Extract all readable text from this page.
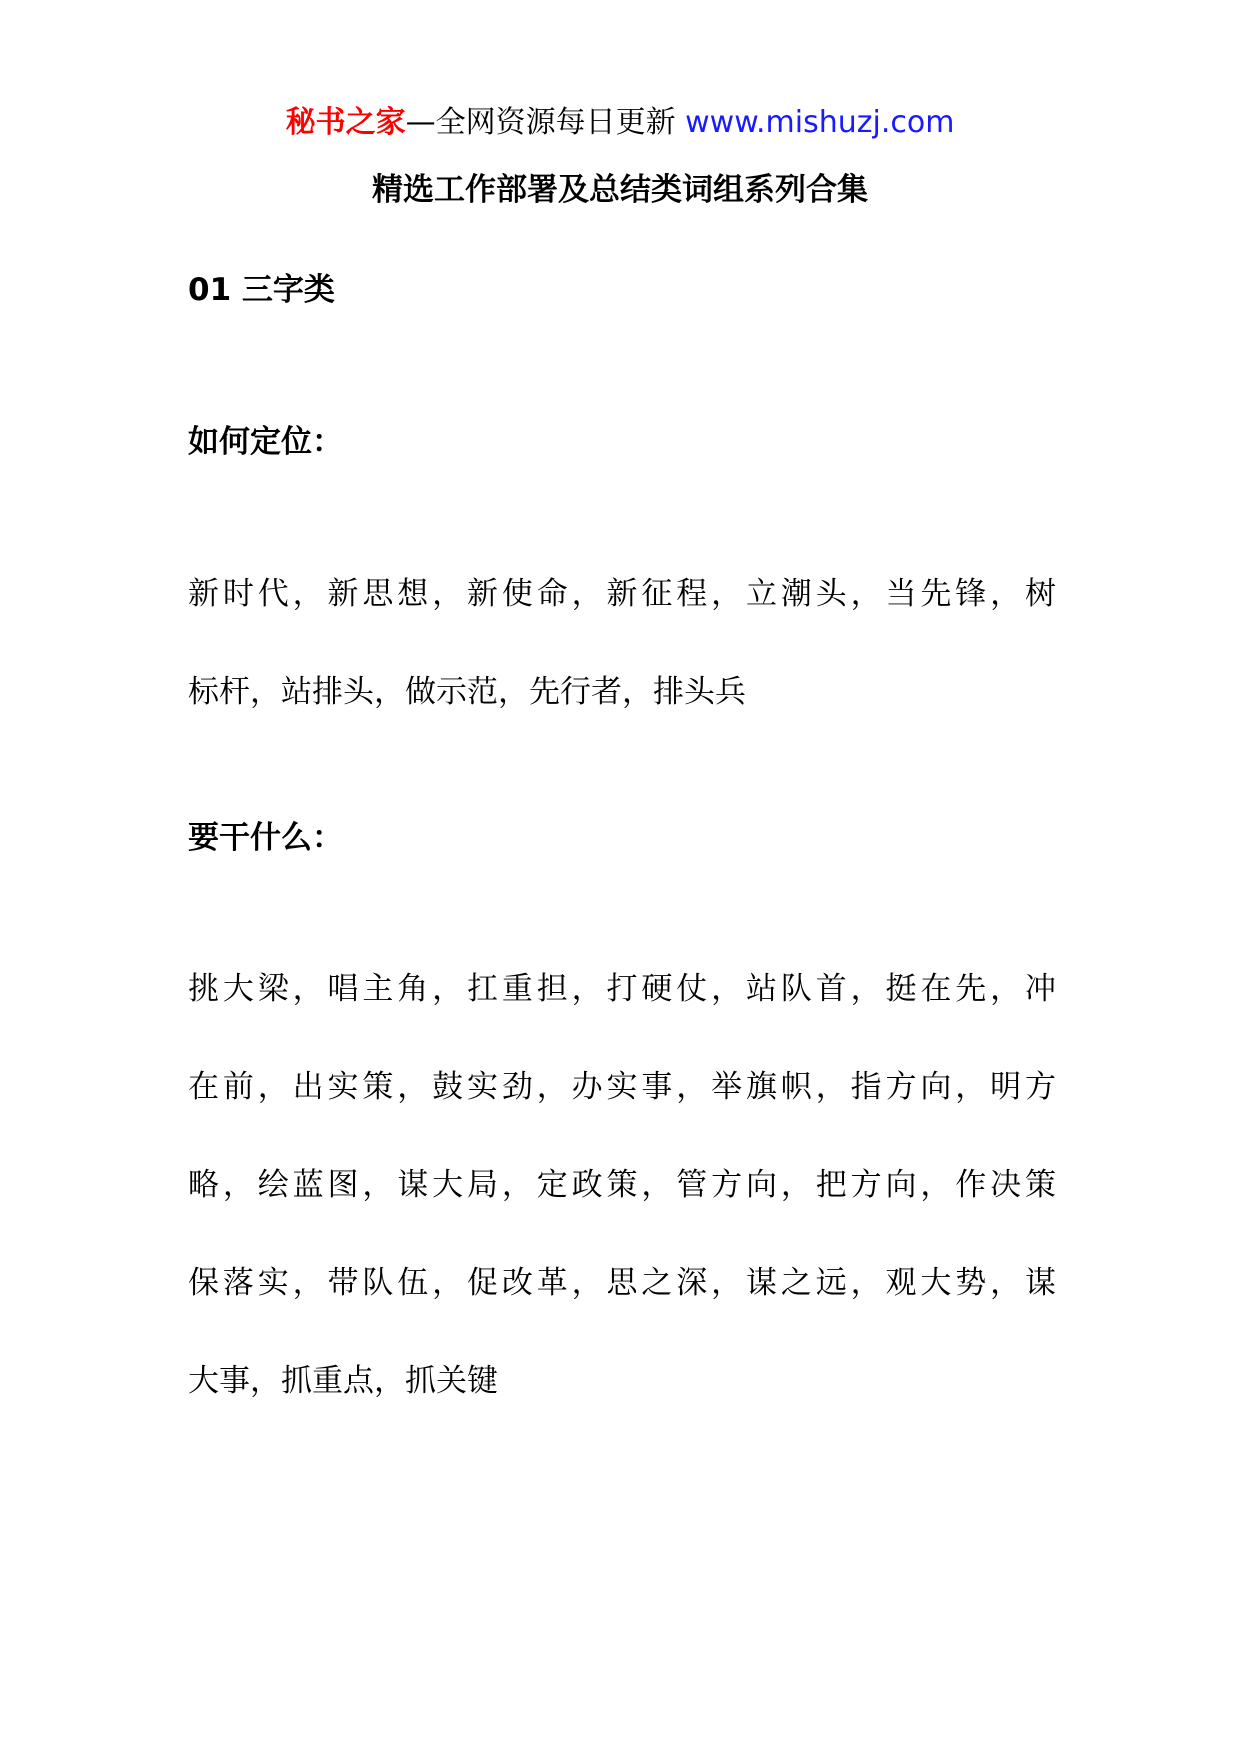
秘书之家—全网资源每日更新 www.mishuzj.com
精选工作部署及总结类词组系列合集
01 三字类
如何定位：
新时代，新思想，新使命，新征程，立潮头，当先锋，树
标杆，站排头，做示范，先行者，排头兵
要干什么：
挑大梁，唱主角，扛重担，打硬仗，站队首，挺在先，冲
在前，出实策，鼓实劲，办实事，举旗帜，指方向，明方
略，绘蓝图，谋大局，定政策，管方向，把方向，作决策
保落实，带队伍，促改革，思之深，谋之远，观大势，谋
大事，抓重点，抓关键
